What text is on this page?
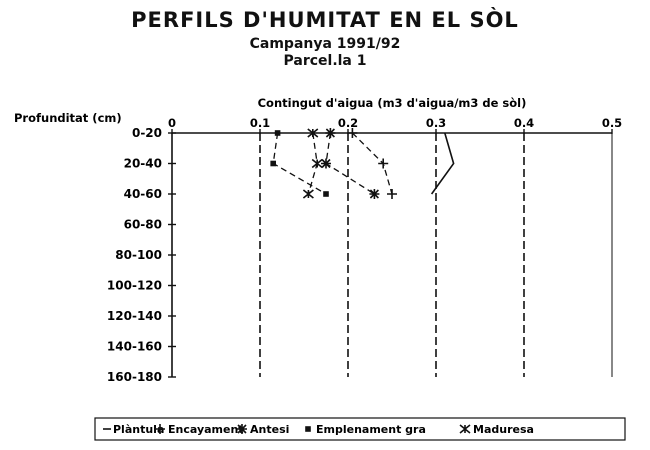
PERFILS D'HUMITAT EN EL SÒL
Campanya 1991/92
Parcel.la 1
Contingut d'aigua (m3 d'aigua/m3 de sòl)
Profunditat (cm)	0	0.1	0.2	0.3	0.4	0.5
0-20
20-40
40-60
60-80
80-100
100-120
120-140
140-160
160-180
Plàntula Encayament Antesi Emplenament gra	Maduresa
